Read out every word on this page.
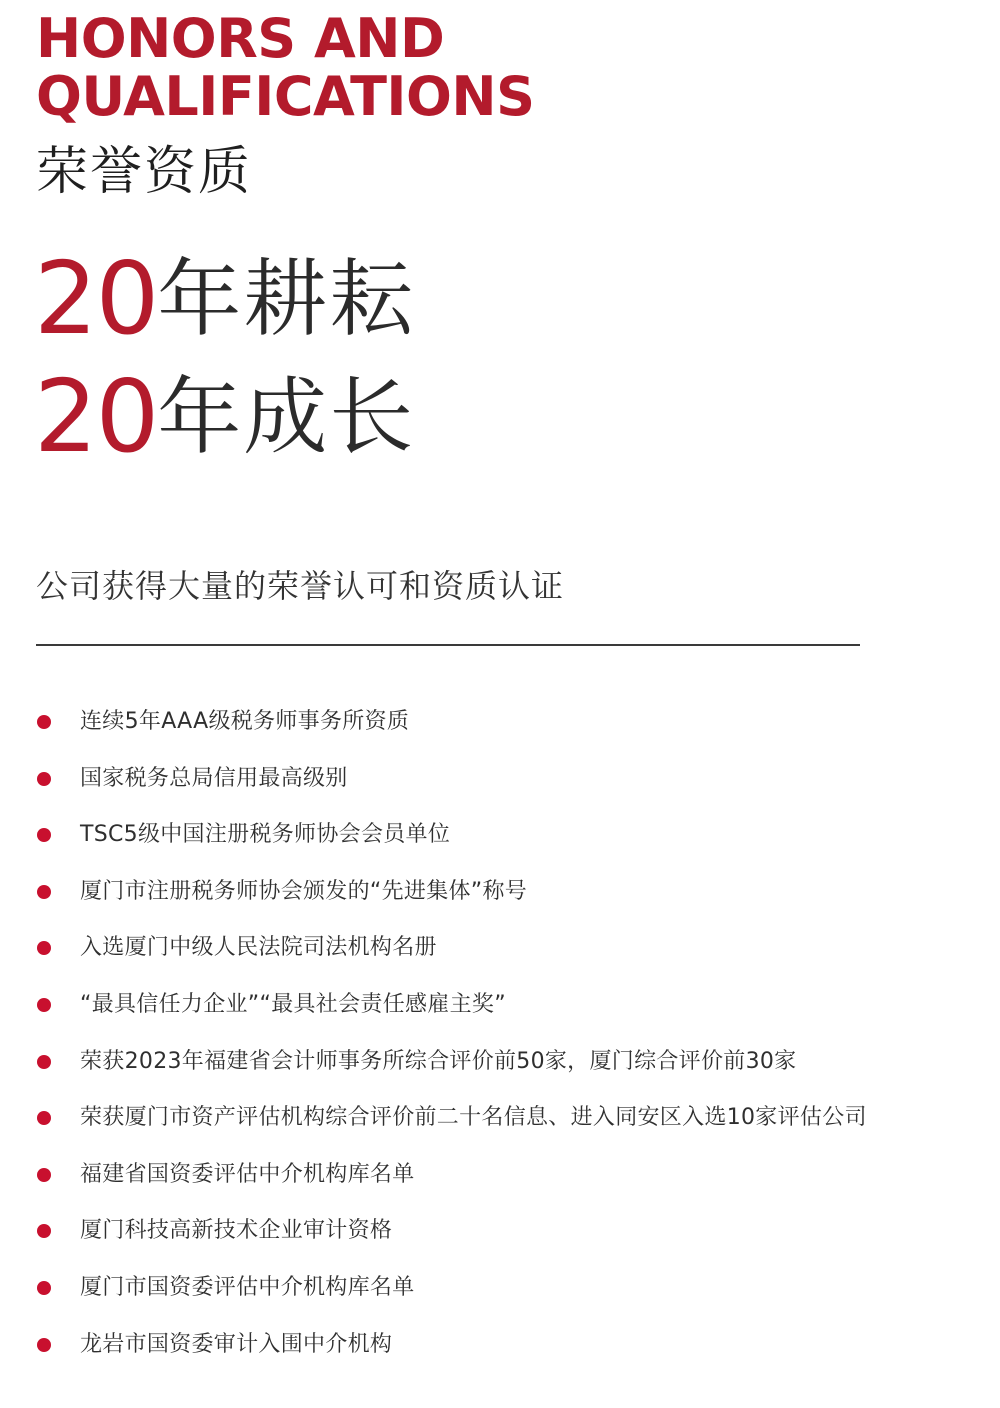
HONORS AND
QUALIFICATIONS
荣誉资质
20年耕耘
20年成长

公司获得大量的荣誉认可和资质认证

连续5年AAA级税务师事务所资质
国家税务总局信用最高级别
TSC5级中国注册税务师协会会员单位
厦门市注册税务师协会颁发的“先进集体”称号
入选厦门中级人民法院司法机构名册
“最具信任力企业”“最具社会责任感雇主奖”
荣获2023年福建省会计师事务所综合评价前50家，厦门综合评价前30家
荣获厦门市资产评估机构综合评价前二十名信息、进入同安区入选10家评估公司
福建省国资委评估中介机构库名单
厦门科技高新技术企业审计资格
厦门市国资委评估中介机构库名单
龙岩市国资委审计入围中介机构
